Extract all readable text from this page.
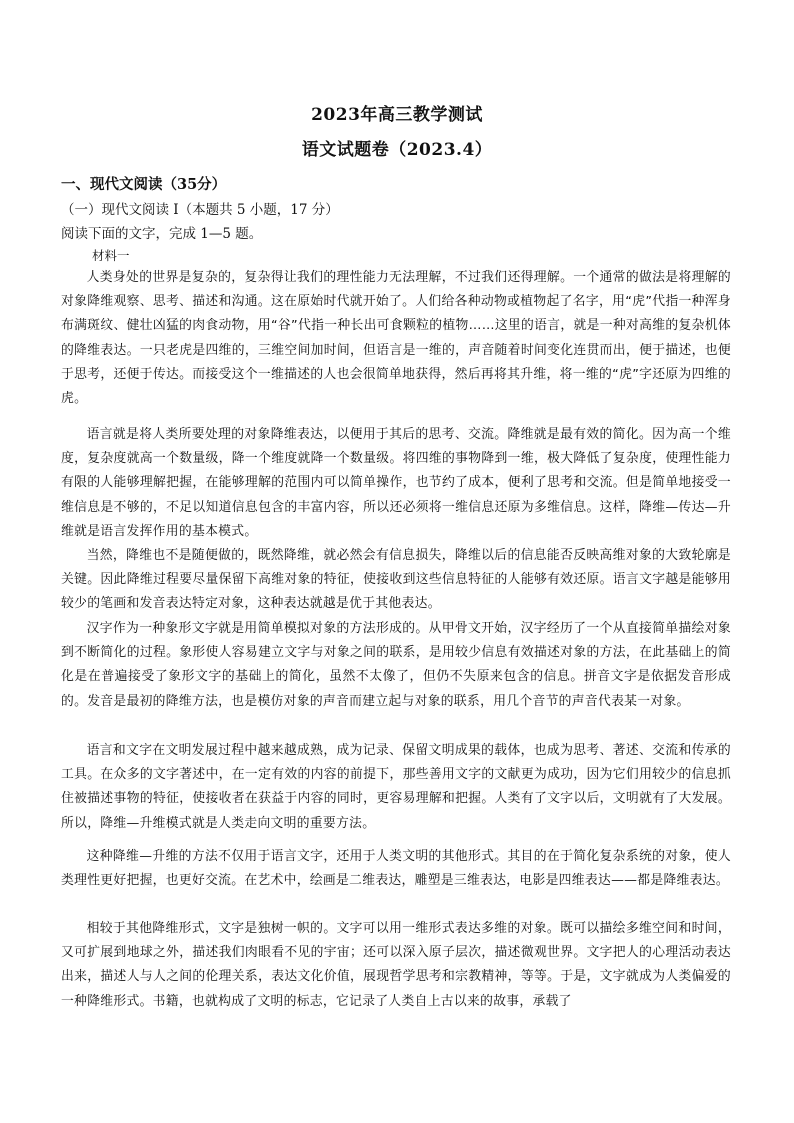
2023年高三教学测试
语文试题卷（2023.4）
一、现代文阅读（35分）
（一）现代文阅读 I（本题共 5 小题，17 分）
阅读下面的文字，完成 1—5 题。
材料一
人类身处的世界是复杂的，复杂得让我们的理性能力无法理解，不过我们还得理解。一个通常的做法是将理解的对象降维观察、思考、描述和沟通。这在原始时代就开始了。人们给各种动物或植物起了名字，用“虎”代指一种浑身布满斑纹、健壮凶猛的肉食动物，用“谷”代指一种长出可食颗粒的植物……这里的语言，就是一种对高维的复杂机体的降维表达。一只老虎是四维的，三维空间加时间，但语言是一维的，声音随着时间变化连贯而出，便于描述，也便于思考，还便于传达。而接受这个一维描述的人也会很简单地获得，然后再将其升维，将一维的“虎”字还原为四维的虎。
语言就是将人类所要处理的对象降维表达，以便用于其后的思考、交流。降维就是最有效的简化。因为高一个维度，复杂度就高一个数量级，降一个维度就降一个数量级。将四维的事物降到一维，极大降低了复杂度，使理性能力有限的人能够理解把握，在能够理解的范围内可以简单操作，也节约了成本，便利了思考和交流。但是简单地接受一维信息是不够的，不足以知道信息包含的丰富内容，所以还必须将一维信息还原为多维信息。这样，降维—传达—升维就是语言发挥作用的基本模式。
当然，降维也不是随便做的，既然降维，就必然会有信息损失，降维以后的信息能否反映高维对象的大致轮廓是关键。因此降维过程要尽量保留下高维对象的特征，使接收到这些信息特征的人能够有效还原。语言文字越是能够用较少的笔画和发音表达特定对象，这种表达就越是优于其他表达。
汉字作为一种象形文字就是用简单模拟对象的方法形成的。从甲骨文开始，汉字经历了一个从直接简单描绘对象到不断简化的过程。象形使人容易建立文字与对象之间的联系，是用较少信息有效描述对象的方法，在此基础上的简化是在普遍接受了象形文字的基础上的简化，虽然不太像了，但仍不失原来包含的信息。拼音文字是依据发音形成的。发音是最初的降维方法，也是模仿对象的声音而建立起与对象的联系，用几个音节的声音代表某一对象。
语言和文字在文明发展过程中越来越成熟，成为记录、保留文明成果的载体，也成为思考、著述、交流和传承的工具。在众多的文字著述中，在一定有效的内容的前提下，那些善用文字的文献更为成功，因为它们用较少的信息抓住被描述事物的特征，使接收者在获益于内容的同时，更容易理解和把握。人类有了文字以后，文明就有了大发展。所以，降维—升维模式就是人类走向文明的重要方法。
这种降维—升维的方法不仅用于语言文字，还用于人类文明的其他形式。其目的在于简化复杂系统的对象，使人类理性更好把握，也更好交流。在艺术中，绘画是二维表达，雕塑是三维表达，电影是四维表达——都是降维表达。
相较于其他降维形式，文字是独树一帜的。文字可以用一维形式表达多维的对象。既可以描绘多维空间和时间，又可扩展到地球之外，描述我们肉眼看不见的宇宙；还可以深入原子层次，描述微观世界。文字把人的心理活动表达出来，描述人与人之间的伦理关系，表达文化价值，展现哲学思考和宗教精神，等等。于是，文字就成为人类偏爱的一种降维形式。书籍，也就构成了文明的标志，它记录了人类自上古以来的故事，承载了
